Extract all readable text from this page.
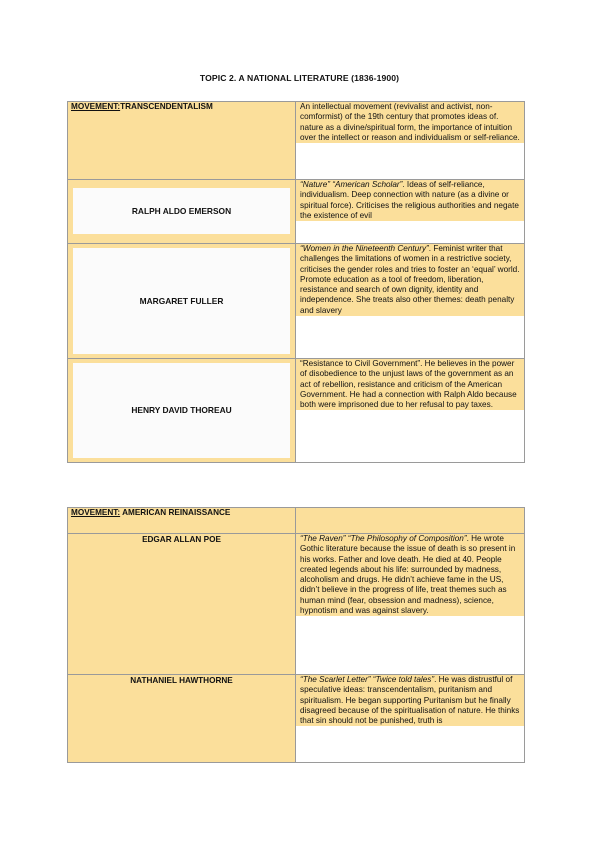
TOPIC 2. A NATIONAL LITERATURE (1836-1900)
MOVEMENT:TRANSCENDENTALISM	An intellectual movement (revivalist and activist, non-comformist) of the 19th century that promotes ideas of. nature as a divine/spiritual form, the importance of intuition over the intellect or reason and individualism or self-reliance.

RALPH ALDO EMERSON	“Nature” “American Scholar”. Ideas of self-reliance, individualism. Deep connection with nature (as a divine or spiritual force). Criticises the religious authorities and negate the existence of evil

MARGARET FULLER	“Women in the Nineteenth Century”. Feminist writer that challenges the limitations of women in a restrictive society, criticises the gender roles and tries to foster an ‘equal’ world. Promote education as a tool of freedom, liberation, resistance and search of own dignity, identity and independence. She treats also other themes: death penalty and slavery

HENRY DAVID THOREAU	“Resistance to Civil Government”. He believes in the power of disobedience to the unjust laws of the government as an act of rebellion, resistance and criticism of the American Government. He had a connection with Ralph Aldo because both were imprisoned due to her refusal to pay taxes.
MOVEMENT: AMERICAN REINAISSANCE	

EDGAR ALLAN POE	“The Raven” “The Philosophy of Composition”. He wrote Gothic literature because the issue of death is so present in his works. Father and love death. He died at 40. People created legends about his life: surrounded by madness, alcoholism and drugs. He didn’t achieve fame in the US, didn’t believe in the progress of life, treat themes such as human mind (fear, obsession and madness), science, hypnotism and was against slavery.

NATHANIEL HAWTHORNE	“The Scarlet Letter” “Twice told tales”. He was distrustful of speculative ideas: transcendentalism, puritanism and spiritualism. He began supporting Puritanism but he finally disagreed because of the spiritualisation of nature. He thinks that sin should not be punished, truth is
